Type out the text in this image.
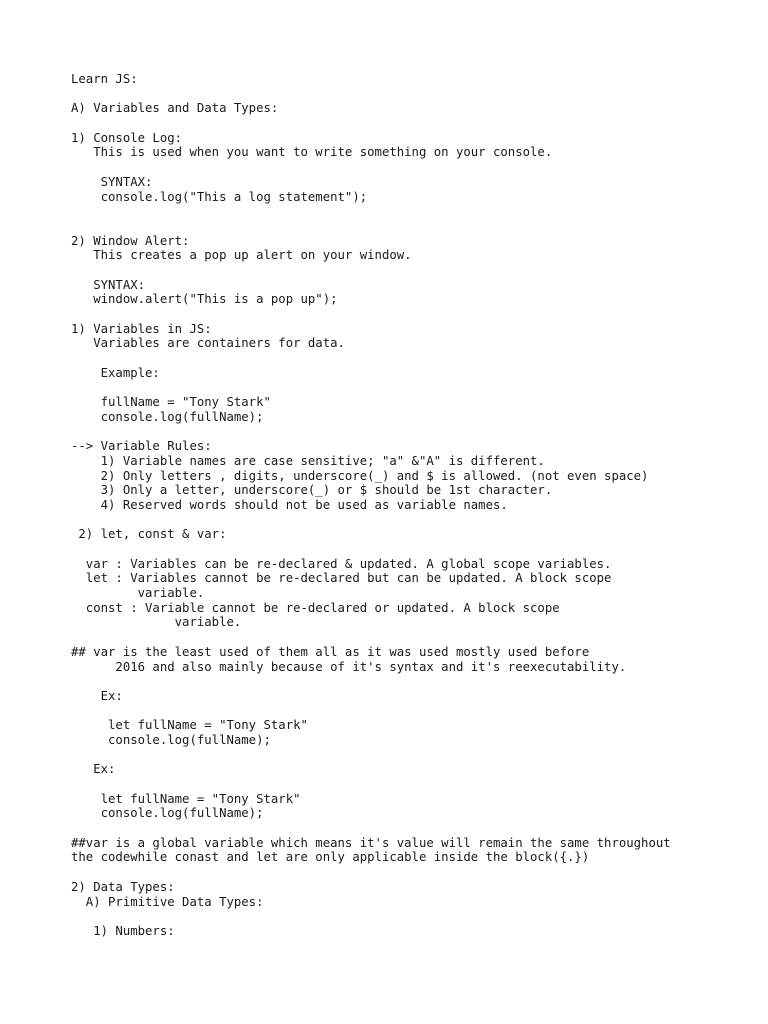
Learn JS:
A) Variables and Data Types:
1) Console Log:
This is used when you want to write something on your console.
SYNTAX:
console.log("This a log statement");
2) Window Alert:
This creates a pop up alert on your window.
SYNTAX:
window.alert("This is a pop up");
1) Variables in JS:
Variables are containers for data.
Example:
fullName = "Tony Stark"
console.log(fullName);
--> Variable Rules:
1) Variable names are case sensitive; "a" &"A" is different.
2) Only letters , digits, underscore(_) and $ is allowed. (not even space)
3) Only a letter, underscore(_) or $ should be 1st character.
4) Reserved words should not be used as variable names.
2) let, const & var:
var : Variables can be re-declared & updated. A global scope variables.
let : Variables cannot be re-declared but can be updated. A block scope
variable.
const : Variable cannot be re-declared or updated. A block scope
variable.
## var is the least used of them all as it was used mostly used before
2016 and also mainly because of it's syntax and it's reexecutability.
Ex:
let fullName = "Tony Stark"
console.log(fullName);
Ex:
let fullName = "Tony Stark"
console.log(fullName);
##var is a global variable which means it's value will remain the same throughout
the codewhile conast and let are only applicable inside the block({.})
2) Data Types:
A) Primitive Data Types:
1) Numbers:
